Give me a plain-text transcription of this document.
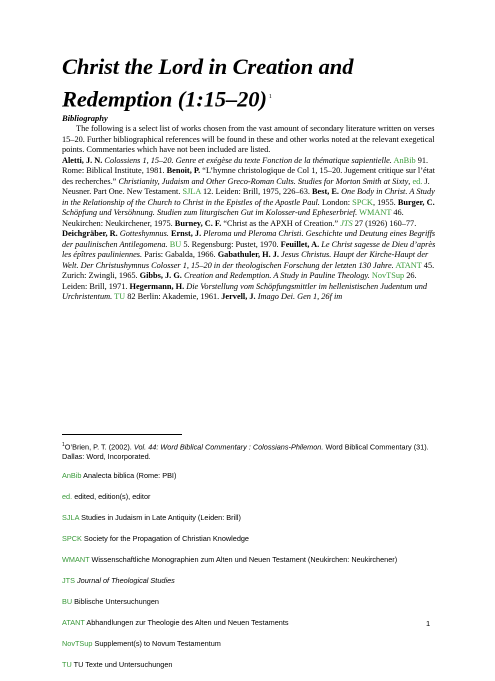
Christ the Lord in Creation and Redemption (1:15–20) $^1$
Bibliography
The following is a select list of works chosen from the vast amount of secondary literature written on verses 15–20. Further bibliographical references will be found in these and other works noted at the relevant exegetical points. Commentaries which have not been included are listed.
Aletti, J. N. Colossiens 1, 15–20. Genre et exégèse du texte Fonction de la thématique sapientielle. AnBib 91. Rome: Biblical Institute, 1981. Benoit, P. “L’hymne christologique de Col 1, 15–20. Jugement critique sur l’état des recherches.” Christianity, Judaism and Other Greco-Roman Cults. Studies for Morton Smith at Sixty, ed. J. Neusner. Part One. New Testament. SJLA 12. Leiden: Brill, 1975, 226–63. Best, E. One Body in Christ. A Study in the Relationship of the Church to Christ in the Epistles of the Apostle Paul. London: SPCK, 1955. Burger, C. Schöpfung und Versöhnung. Studien zum liturgischen Gut im Kolosser-und Epheserbrief. WMANT 46. Neukirchen: Neukirchener, 1975. Burney, C. F. “Christ as the APXH of Creation.” JTS 27 (1926) 160–77. Deichgräber, R. Gotteshymnus. Ernst, J. Pleroma und Pleroma Christi. Geschichte und Deutung eines Begriffs der paulinischen Antilegomena. BU 5. Regensburg: Pustet, 1970. Feuillet, A. Le Christ sagesse de Dieu d’après les épîtres pauliniennes. Paris: Gabalda, 1966. Gabathuler, H. J. Jesus Christus. Haupt der Kirche-Haupt der Welt. Der Christushymnus Colosser 1, 15–20 in der theologischen Forschung der letzten 130 Jahre. ATANT 45. Zurich: Zwingli, 1965. Gibbs, J. G. Creation and Redemption. A Study in Pauline Theology. NovTSup 26. Leiden: Brill, 1971. Hegermann, H. Die Vorstellung vom Schöpfungsmittler im hellenistischen Judentum und Urchristentum. TU 82 Berlin: Akademie, 1961. Jervell, J. Imago Dei. Gen 1, 26f im
$^1$O’Brien, P. T. (2002). Vol. 44: Word Biblical Commentary : Colossians-Philemon. Word Biblical Commentary (31). Dallas: Word, Incorporated.
AnBib Analecta biblica (Rome: PBI)
ed. edited, edition(s), editor
SJLA Studies in Judaism in Late Antiquity (Leiden: Brill)
SPCK Society for the Propagation of Christian Knowledge
WMANT Wissenschaftliche Monographien zum Alten und Neuen Testament (Neukirchen: Neukirchener)
JTS Journal of Theological Studies
BU Biblische Untersuchungen
ATANT Abhandlungen zur Theologie des Alten und Neuen Testaments
NovTSup Supplement(s) to Novum Testamentum
TU TU Texte und Untersuchungen
1
